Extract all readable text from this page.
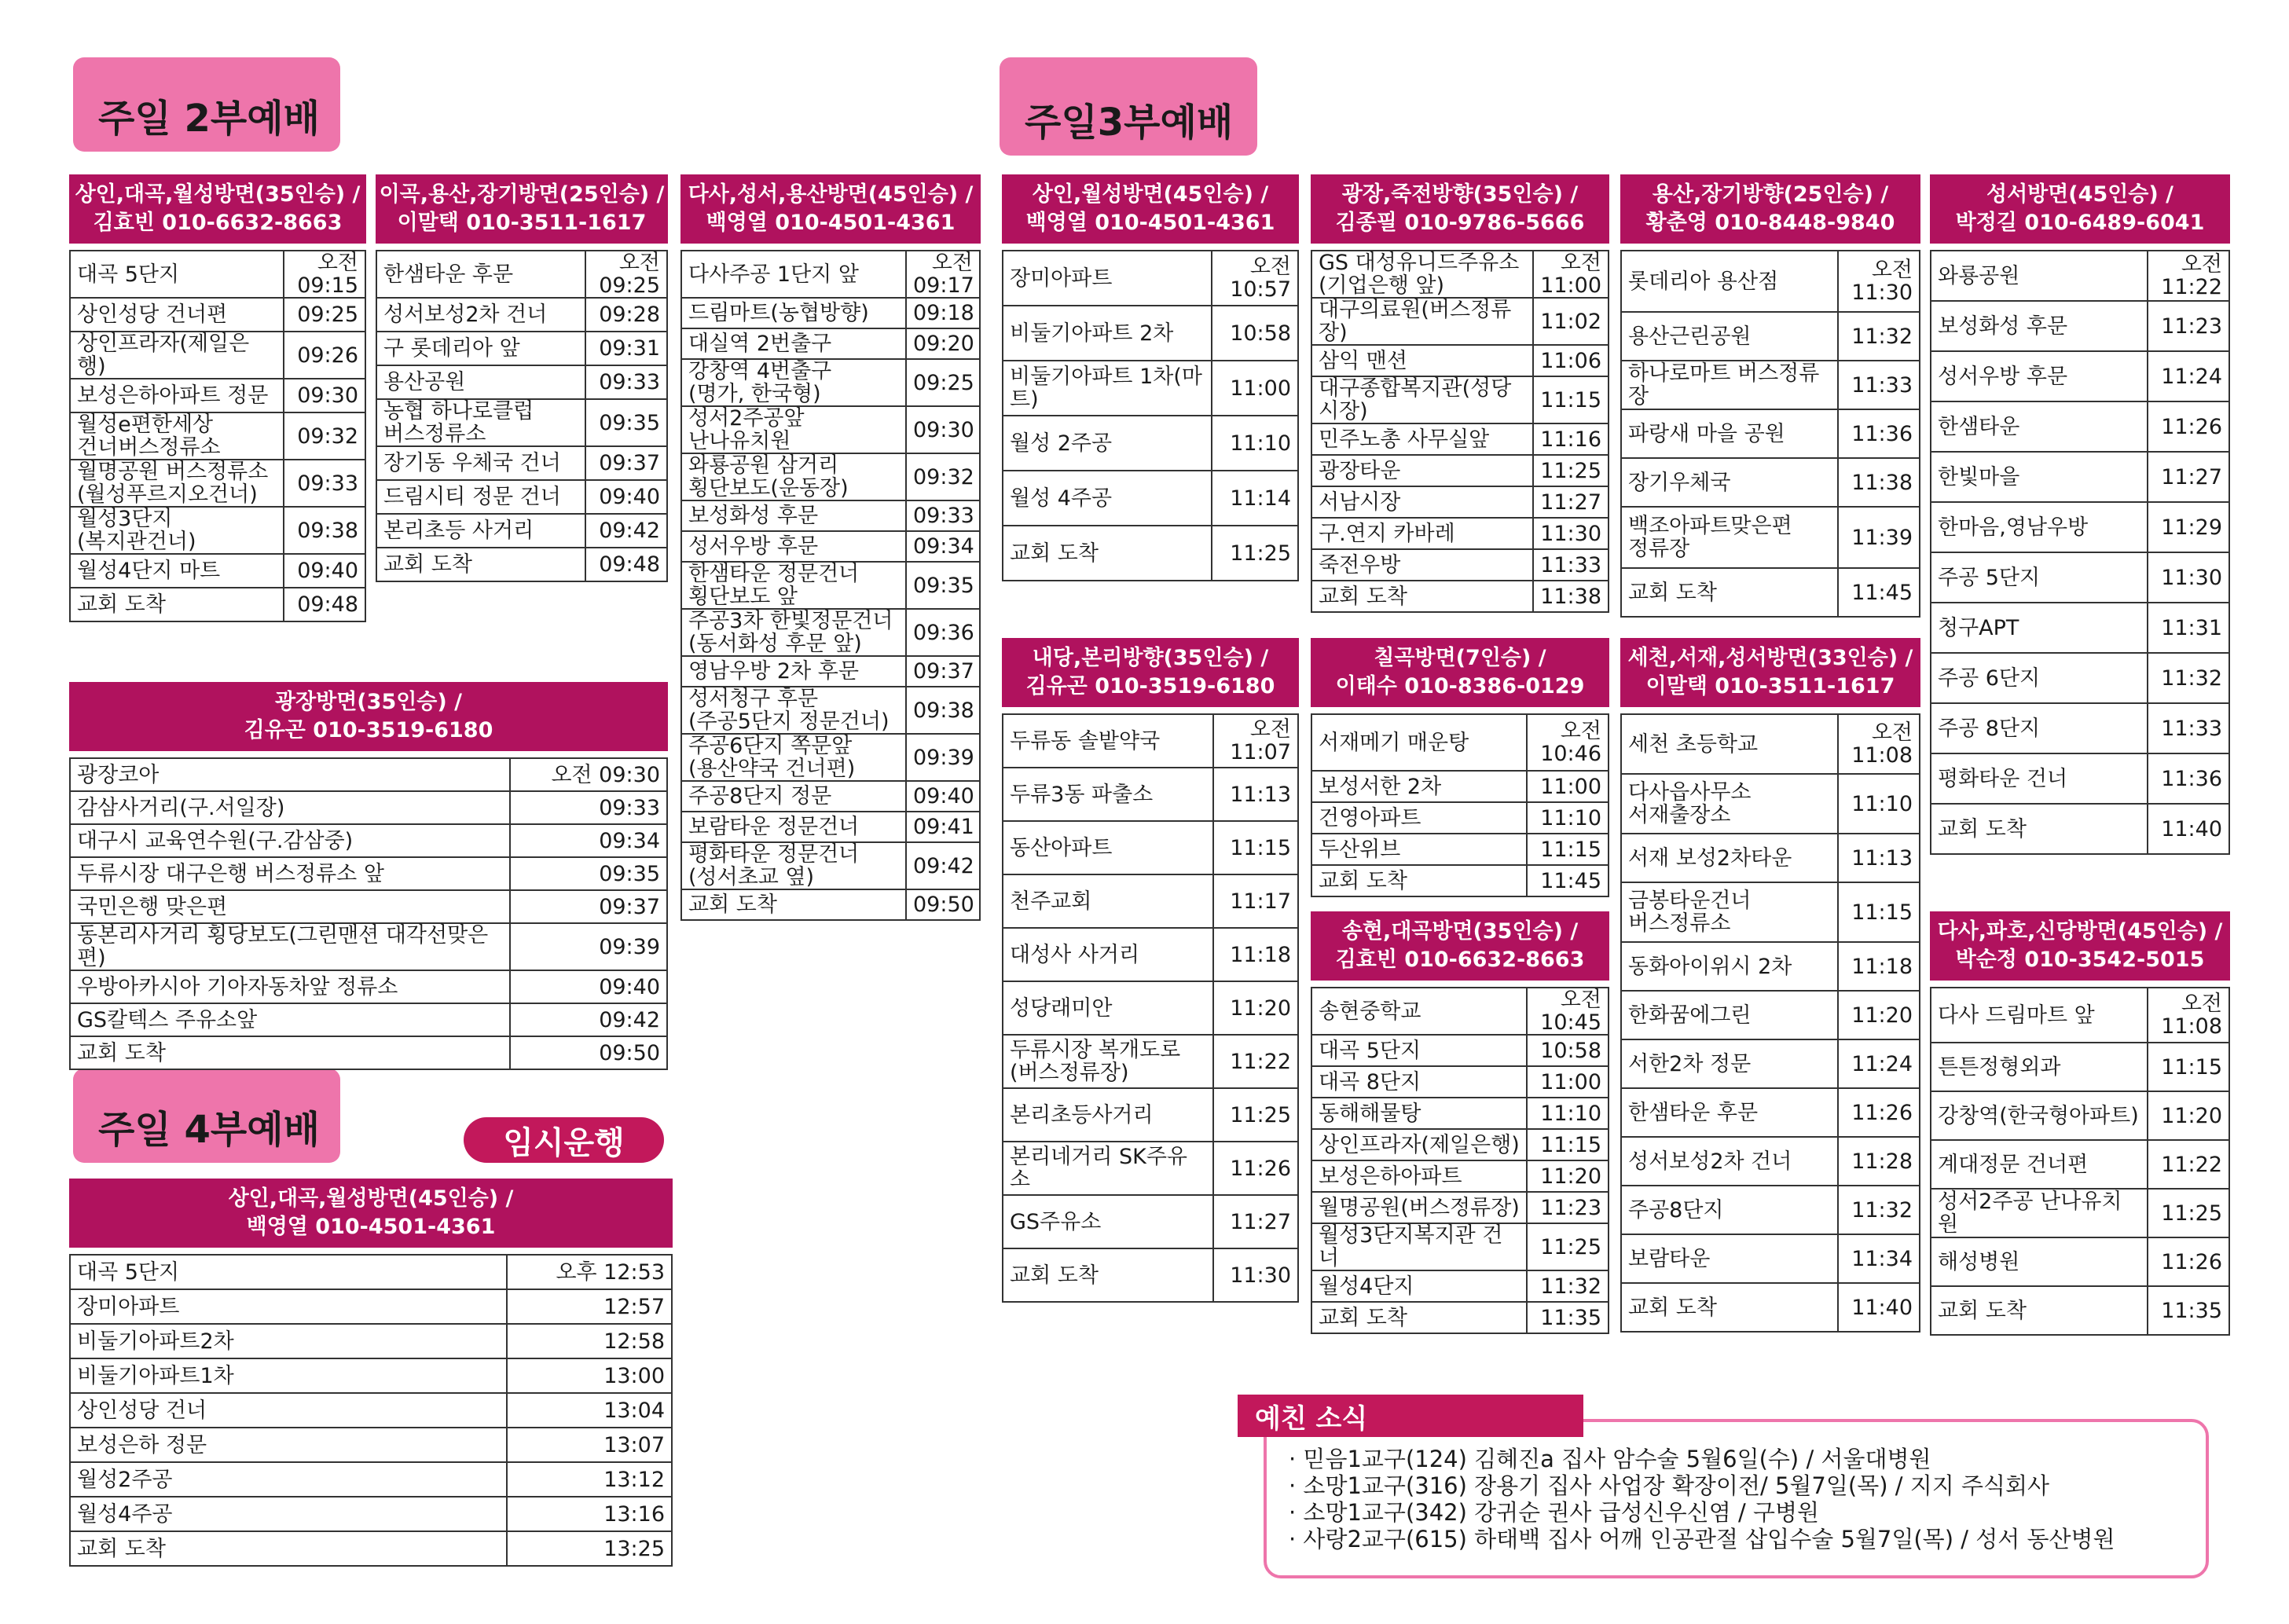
주일 2부예배	주일3부예배
주일 4부예배	임시운행
상인,대곡,월성방면(35인승) /
김효빈 010-6632-8663
대곡 5단지	오전
09:15
상인성당 건너편	09:25
상인프라자(제일은행)	09:26
보성은하아파트 정문	09:30
월성e편한세상
건너버스정류소	09:32
월명공원 버스정류소
(월성푸르지오건너)	09:33
월성3단지
(복지관건너)	09:38
월성4단지 마트	09:40
교회 도착	09:48
이곡,용산,장기방면(25인승) /
이말택 010-3511-1617
한샘타운 후문	오전
09:25
성서보성2차 건너	09:28
구 롯데리아 앞	09:31
용산공원	09:33
농협 하나로클럽
버스정류소	09:35
장기동 우체국 건너	09:37
드림시티 정문 건너	09:40
본리초등 사거리	09:42
교회 도착	09:48
다사,성서,용산방면(45인승) /
백영열 010-4501-4361
다사주공 1단지 앞	오전
09:17
드림마트(농협방향)	09:18
대실역 2번출구	09:20
강창역 4번출구
(명가, 한국형)	09:25
성서2주공앞
난나유치원	09:30
와룡공원 삼거리
횡단보도(운동장)	09:32
보성화성 후문	09:33
성서우방 후문	09:34
한샘타운 정문건너
횡단보도 앞	09:35
주공3차 한빛정문건너
(동서화성 후문 앞)	09:36
영남우방 2차 후문	09:37
성서청구 후문
(주공5단지 정문건너)	09:38
주공6단지 쪽문앞
(용산약국 건너편)	09:39
주공8단지 정문	09:40
보람타운 정문건너	09:41
평화타운 정문건너
(성서초교 옆)	09:42
교회 도착	09:50
광장방면(35인승) /
김유곤 010-3519-6180
광장코아	오전 09:30
감삼사거리(구.서일장)	09:33
대구시 교육연수원(구.감삼중)	09:34
두류시장 대구은행 버스정류소 앞	09:35
국민은행 맞은편	09:37
동본리사거리 횡당보도(그린맨션 대각선맞은편)	09:39
우방아카시아 기아자동차앞 정류소	09:40
GS칼텍스 주유소앞	09:42
교회 도착	09:50
상인,대곡,월성방면(45인승) /
백영열 010-4501-4361
대곡 5단지	오후 12:53
장미아파트	12:57
비둘기아파트2차	12:58
비둘기아파트1차	13:00
상인성당 건너	13:04
보성은하 정문	13:07
월성2주공	13:12
월성4주공	13:16
교회 도착	13:25
상인,월성방면(45인승) /
백영열 010-4501-4361
장미아파트	오전
10:57
비둘기아파트 2차	10:58
비둘기아파트 1차(마트)	11:00
월성 2주공	11:10
월성 4주공	11:14
교회 도착	11:25
광장,죽전방향(35인승) /
김종필 010-9786-5666
GS 대성유니드주유소
(기업은행 앞)	오전
11:00
대구의료원(버스정류장)	11:02
삼익 맨션	11:06
대구종합복지관(성당시장)	11:15
민주노총 사무실앞	11:16
광장타운	11:25
서남시장	11:27
구.연지 카바레	11:30
죽전우방	11:33
교회 도착	11:38
용산,장기방향(25인승) /
황춘영 010-8448-9840
롯데리아 용산점	오전
11:30
용산근린공원	11:32
하나로마트 버스정류장	11:33
파랑새 마을 공원	11:36
장기우체국	11:38
백조아파트맞은편
정류장	11:39
교회 도착	11:45
성서방면(45인승) /
박정길 010-6489-6041
와룡공원	오전
11:22
보성화성 후문	11:23
성서우방 후문	11:24
한샘타운	11:26
한빛마을	11:27
한마음,영남우방	11:29
주공 5단지	11:30
청구APT	11:31
주공 6단지	11:32
주공 8단지	11:33
평화타운 건너	11:36
교회 도착	11:40
내당,본리방향(35인승) /
김유곤 010-3519-6180
두류동 솔밭약국	오전
11:07
두류3동 파출소	11:13
동산아파트	11:15
천주교회	11:17
대성사 사거리	11:18
성당래미안	11:20
두류시장 복개도로
(버스정류장)	11:22
본리초등사거리	11:25
본리네거리 SK주유소	11:26
GS주유소	11:27
교회 도착	11:30
칠곡방면(7인승) /
이태수 010-8386-0129
서재메기 매운탕	오전
10:46
보성서한 2차	11:00
건영아파트	11:10
두산위브	11:15
교회 도착	11:45
송현,대곡방면(35인승) /
김효빈 010-6632-8663
송현중학교	오전
10:45
대곡 5단지	10:58
대곡 8단지	11:00
동해해물탕	11:10
상인프라자(제일은행)	11:15
보성은하아파트	11:20
월명공원(버스정류장)	11:23
월성3단지복지관 건너	11:25
월성4단지	11:32
교회 도착	11:35
세천,서재,성서방면(33인승) /
이말택 010-3511-1617
세천 초등학교	오전
11:08
다사읍사무소
서재출장소	11:10
서재 보성2차타운	11:13
금봉타운건너
버스정류소	11:15
동화아이위시 2차	11:18
한화꿈에그린	11:20
서한2차 정문	11:24
한샘타운 후문	11:26
성서보성2차 건너	11:28
주공8단지	11:32
보람타운	11:34
교회 도착	11:40
다사,파호,신당방면(45인승) /
박순정 010-3542-5015
다사 드림마트 앞	오전
11:08
튼튼정형외과	11:15
강창역(한국형아파트)	11:20
계대정문 건너편	11:22
성서2주공 난나유치원	11:25
해성병원	11:26
교회 도착	11:35
예친 소식
· 믿음1교구(124) 김혜진a 집사 암수술 5월6일(수) / 서울대병원
· 소망1교구(316) 장용기 집사 사업장 확장이전/ 5월7일(목) / 지지 주식회사
· 소망1교구(342) 강귀순 권사 급성신우신염 / 구병원
· 사랑2교구(615) 하태백 집사 어깨 인공관절 삽입수술 5월7일(목) / 성서 동산병원
